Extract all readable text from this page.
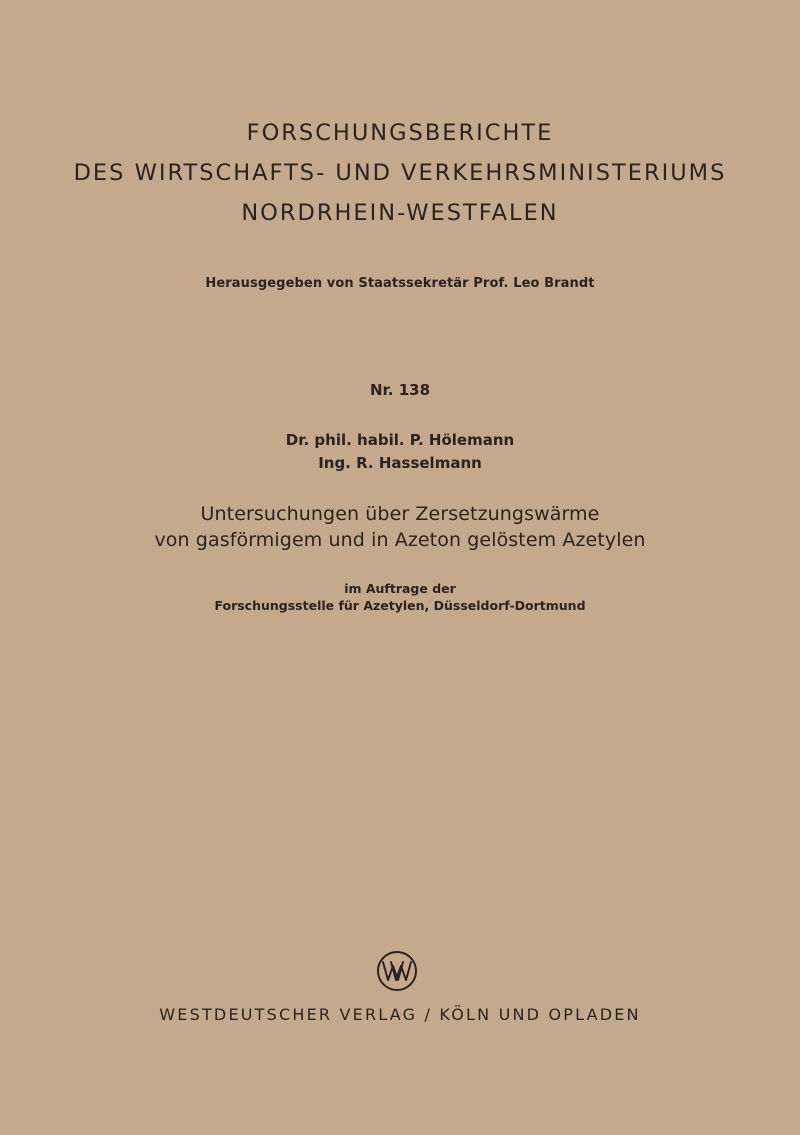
FORSCHUNGSBERICHTE
DES WIRTSCHAFTS- UND VERKEHRSMINISTERIUMS
NORDRHEIN-WESTFALEN
Herausgegeben von Staatssekretär Prof. Leo Brandt
Nr. 138
Dr. phil. habil. P. Hölemann
Ing. R. Hasselmann
Untersuchungen über Zersetzungswärme
von gasförmigem und in Azeton gelöstem Azetylen
im Auftrage der
Forschungsstelle für Azetylen, Düsseldorf-Dortmund
WESTDEUTSCHER VERLAG / KÖLN UND OPLADEN
